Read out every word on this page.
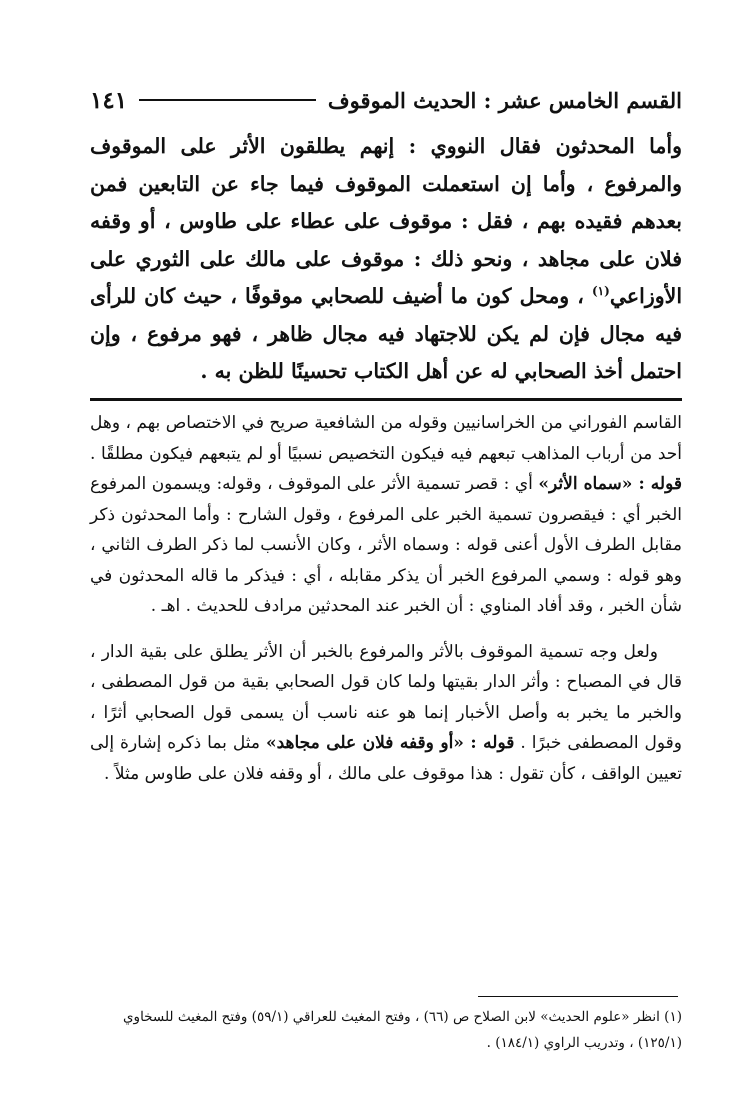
القسم الخامس عشر : الحديث الموقوف
١٤١

وأما المحدثون فقال النووي : إنهم يطلقون الأثر على الموقوف والمرفوع ، وأما إن استعملت الموقوف فيما جاء عن التابعين فمن بعدهم فقيده بهم ، فقل : موقوف على عطاء على طاوس ، أو وقفه فلان على مجاهد ، ونحو ذلك : موقوف على مالك على الثوري على الأوزاعي$^{(١)}$ ، ومحل كون ما أضيف للصحابي موقوفًا ، حيث كان للرأى فيه مجال فإن لم يكن للاجتهاد فيه مجال ظاهر ، فهو مرفوع ، وإن احتمل أخذ الصحابي له عن أهل الكتاب تحسينًا للظن به .

القاسم الفوراني من الخراسانيين وقوله من الشافعية صريح في الاختصاص بهم ، وهل أحد من أرباب المذاهب تبعهم فيه فيكون التخصيص نسبيًا أو لم يتبعهم فيكون مطلقًا . قوله : «سماه الأثر» أي : قصر تسمية الأثر على الموقوف ، وقوله: ويسمون المرفوع الخبر أي : فيقصرون تسمية الخبر على المرفوع ، وقول الشارح : وأما المحدثون ذكر مقابل الطرف الأول أعنى قوله : وسماه الأثر ، وكان الأنسب لما ذكر الطرف الثاني ، وهو قوله : وسمي المرفوع الخبر أن يذكر مقابله ، أي : فيذكر ما قاله المحدثون في شأن الخبر ، وقد أفاد المناوي : أن الخبر عند المحدثين مرادف للحديث . اهـ .

ولعل وجه تسمية الموقوف بالأثر والمرفوع بالخبر أن الأثر يطلق على بقية الدار ، قال في المصباح : وأثر الدار بقيتها ولما كان قول الصحابي بقية من قول المصطفى ، والخبر ما يخبر به وأصل الأخبار إنما هو عنه ناسب أن يسمى قول الصحابي أثرًا ، وقول المصطفى خبرًا . قوله : «أو وقفه فلان على مجاهد» مثل بما ذكره إشارة إلى تعيين الواقف ، كأن تقول : هذا موقوف على مالك ، أو وقفه فلان على طاوس مثلاً .

(١) انظر «علوم الحديث» لابن الصلاح ص (٦٦) ، وفتح المغيث للعراقي (٥٩/١) وفتح المغيث للسخاوي

(١٢٥/١) ، وتدريب الراوي (١٨٤/١) .
